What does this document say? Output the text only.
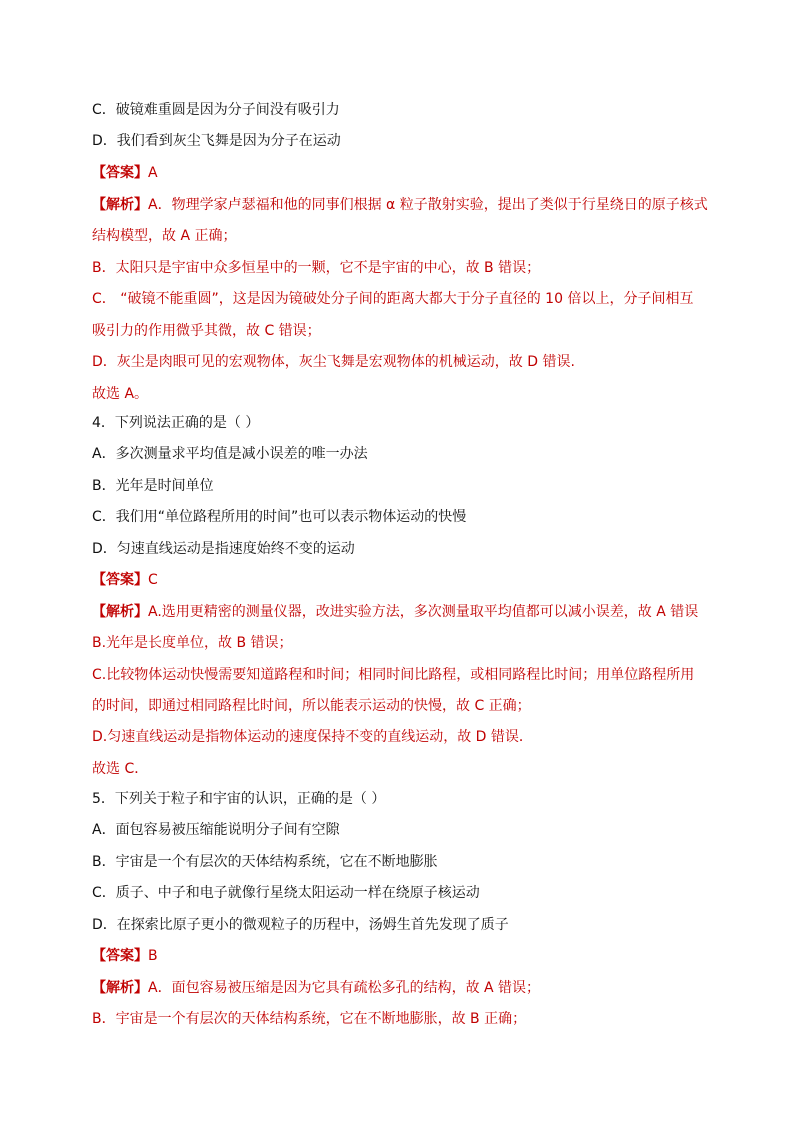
C．破镜难重圆是因为分子间没有吸引力
D．我们看到灰尘飞舞是因为分子在运动
【答案】A
【解析】A．物理学家卢瑟福和他的同事们根据 α 粒子散射实验，提出了类似于行星绕日的原子核式
结构模型，故 A 正确；
B．太阳只是宇宙中众多恒星中的一颗，它不是宇宙的中心，故 B 错误；
C． “破镜不能重圆”，这是因为镜破处分子间的距离大都大于分子直径的 10 倍以上，分子间相互
吸引力的作用微乎其微，故 C 错误；
D．灰尘是肉眼可见的宏观物体，灰尘飞舞是宏观物体的机械运动，故 D 错误.
故选 A。
4．下列说法正确的是（ ）
A．多次测量求平均值是减小误差的唯一办法
B．光年是时间单位
C．我们用“单位路程所用的时间”也可以表示物体运动的快慢
D．匀速直线运动是指速度始终不变的运动
【答案】C
【解析】A.选用更精密的测量仪器，改进实验方法，多次测量取平均值都可以减小误差，故 A 错误
B.光年是长度单位，故 B 错误；
C.比较物体运动快慢需要知道路程和时间；相同时间比路程，或相同路程比时间；用单位路程所用
的时间，即通过相同路程比时间，所以能表示运动的快慢，故 C 正确；
D.匀速直线运动是指物体运动的速度保持不变的直线运动，故 D 错误．
故选 C．
5．下列关于粒子和宇宙的认识，正确的是（ ）
A．面包容易被压缩能说明分子间有空隙
B．宇宙是一个有层次的天体结构系统，它在不断地膨胀
C．质子、中子和电子就像行星绕太阳运动一样在绕原子核运动
D．在探索比原子更小的微观粒子的历程中，汤姆生首先发现了质子
【答案】B
【解析】A．面包容易被压缩是因为它具有疏松多孔的结构，故 A 错误；
B．宇宙是一个有层次的天体结构系统，它在不断地膨胀，故 B 正确；
